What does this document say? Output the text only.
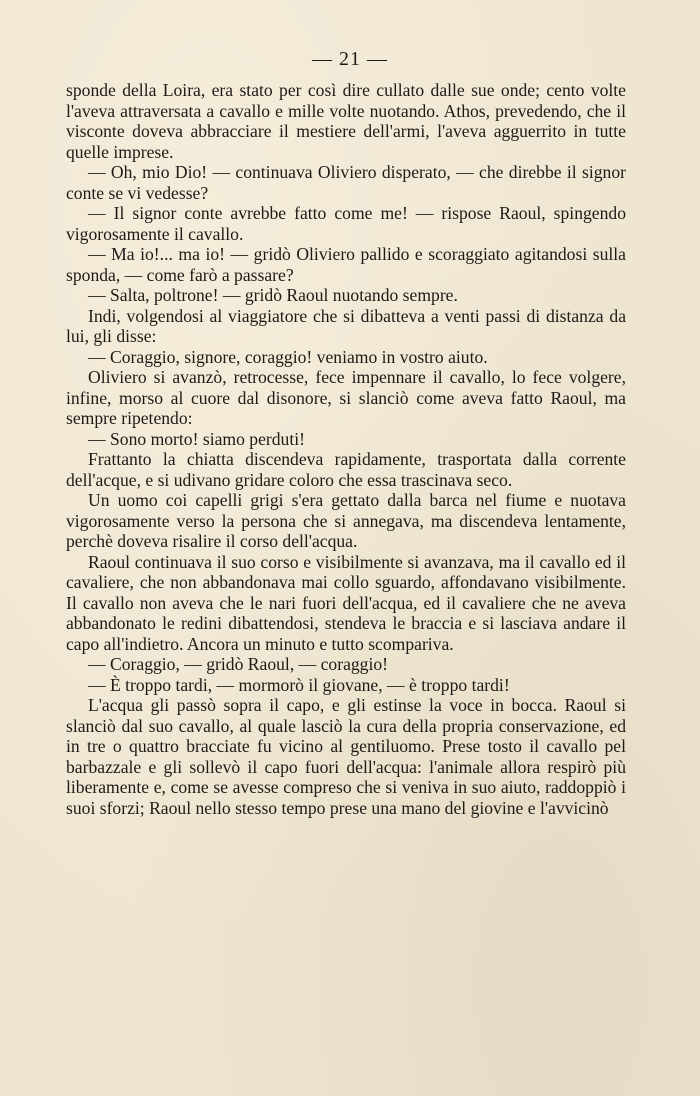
— 21 —

sponde della Loira, era stato per così dire cullato dalle sue onde; cento volte l'aveva attraversata a cavallo e mille volte nuotando. Athos, prevedendo, che il visconte doveva abbracciare il mestiere dell'armi, l'aveva agguerrito in tutte quelle imprese.

— Oh, mio Dio! — continuava Oliviero disperato, — che direbbe il signor conte se vi vedesse?

— Il signor conte avrebbe fatto come me! — rispose Raoul, spingendo vigorosamente il cavallo.

— Ma io!... ma io! — gridò Oliviero pallido e scoraggiato agitandosi sulla sponda, — come farò a passare?

— Salta, poltrone! — gridò Raoul nuotando sempre.

Indi, volgendosi al viaggiatore che si dibatteva a venti passi di distanza da lui, gli disse:

— Coraggio, signore, coraggio! veniamo in vostro aiuto.

Oliviero si avanzò, retrocesse, fece impennare il cavallo, lo fece volgere, infine, morso al cuore dal disonore, si slanciò come aveva fatto Raoul, ma sempre ripetendo:

— Sono morto! siamo perduti!

Frattanto la chiatta discendeva rapidamente, trasportata dalla corrente dell'acque, e si udivano gridare coloro che essa trascinava seco.

Un uomo coi capelli grigi s'era gettato dalla barca nel fiume e nuotava vigorosamente verso la persona che si annegava, ma discendeva lentamente, perchè doveva risalire il corso dell'acqua.

Raoul continuava il suo corso e visibilmente si avanzava, ma il cavallo ed il cavaliere, che non abbandonava mai collo sguardo, affondavano visibilmente. Il cavallo non aveva che le nari fuori dell'acqua, ed il cavaliere che ne aveva abbandonato le redini dibattendosi, stendeva le braccia e si lasciava andare il capo all'indietro. Ancora un minuto e tutto scompariva.

— Coraggio, — gridò Raoul, — coraggio!

— È troppo tardi, — mormorò il giovane, — è troppo tardi!

L'acqua gli passò sopra il capo, e gli estinse la voce in bocca. Raoul si slanciò dal suo cavallo, al quale lasciò la cura della propria conservazione, ed in tre o quattro bracciate fu vicino al gentiluomo. Prese tosto il cavallo pel barbazzale e gli sollevò il capo fuori dell'acqua: l'animale allora respirò più liberamente e, come se avesse compreso che si veniva in suo aiuto, raddoppiò i suoi sforzi; Raoul nello stesso tempo prese una mano del giovine e l'avvicinò
